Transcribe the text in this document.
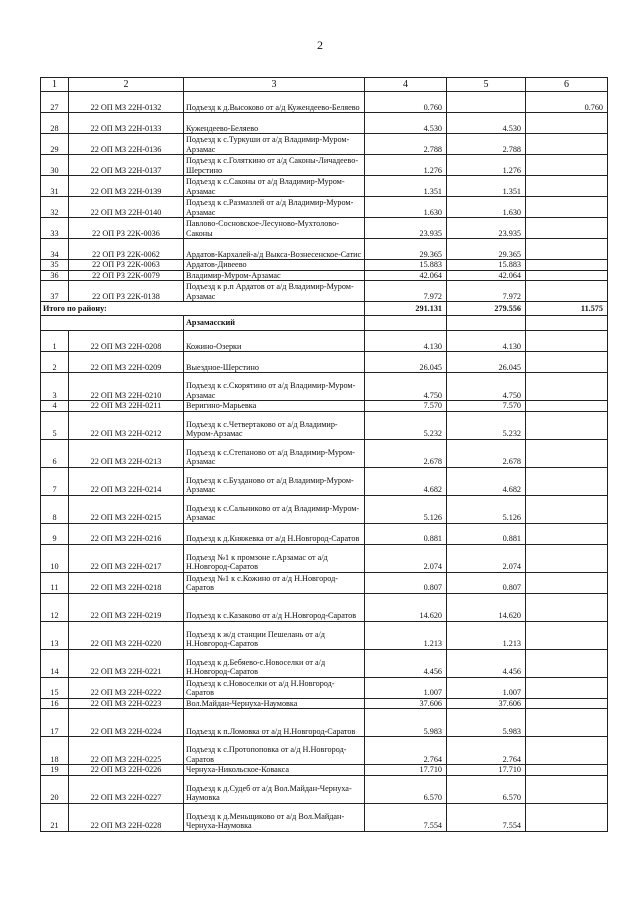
2
1	2	3	4	5	6
27	22 ОП МЗ 22Н-0132	Подъезд к д.Высоково от а/д Кужендеево-Беляево	0.760		0.760
28	22 ОП МЗ 22Н-0133	Кужендеево-Беляево	4.530	4.530	
29	22 ОП МЗ 22Н-0136	Подъезд к с.Туркуши от а/д Владимир-Муром-Арзамас	2.788	2.788	
30	22 ОП МЗ 22Н-0137	Подъезд к с.Голяткино от а/д Саконы-Личадеево-Шерстино	1.276	1.276	
31	22 ОП МЗ 22Н-0139	Подъезд к с.Саконы от а/д Владимир-Муром-Арзамас	1.351	1.351	
32	22 ОП МЗ 22Н-0140	Подъезд к с.Размазлей от а/д Владимир-Муром-Арзамас	1.630	1.630	
33	22 ОП РЗ 22К-0036	Павлово-Сосновское-Лесуново-Мухтолово-Саконы	23.935	23.935	
34	22 ОП РЗ 22К-0062	Ардатов-Кархалей-а/д Выкса-Вознесенское-Сатис	29.365	29.365	
35	22 ОП РЗ 22К-0063	Ардатов-Дивеево	15.883	15.883	
36	22 ОП РЗ 22К-0079	Владимир-Муром-Арзамас	42.064	42.064	
37	22 ОП РЗ 22К-0138	Подъезд к р.п Ардатов от а/д Владимир-Муром-Арзамас	7.972	7.972	
Итого по району:			291.131	279.556	11.575
		Арзамасский			
1	22 ОП МЗ 22Н-0208	Кожино-Озерки	4.130	4.130	
2	22 ОП МЗ 22Н-0209	Выездное-Шерстино	26.045	26.045	
3	22 ОП МЗ 22Н-0210	Подъезд к с.Скорятино от а/д Владимир-Муром-Арзамас	4.750	4.750	
4	22 ОП МЗ 22Н-0211	Веригино-Марьевка	7.570	7.570	
5	22 ОП МЗ 22Н-0212	Подъезд к с.Четвертаково от а/д Владимир-Муром-Арзамас	5.232	5.232	
6	22 ОП МЗ 22Н-0213	Подъезд к с.Степаново от а/д Владимир-Муром-Арзамас	2.678	2.678	
7	22 ОП МЗ 22Н-0214	Подъезд к с.Бузданово от а/д Владимир-Муром-Арзамас	4.682	4.682	
8	22 ОП МЗ 22Н-0215	Подъезд к с.Сальниково от а/д Владимир-Муром-Арзамас	5.126	5.126	
9	22 ОП МЗ 22Н-0216	Подъезд к д.Княжевка от а/д Н.Новгород-Саратов	0.881	0.881	
10	22 ОП МЗ 22Н-0217	Подъезд №1 к промзоне г.Арзамас от а/д Н.Новгород-Саратов	2.074	2.074	
11	22 ОП МЗ 22Н-0218	Подъезд №1 к с.Кожино от а/д Н.Новгород-Саратов	0.807	0.807	
12	22 ОП МЗ 22Н-0219	Подъезд к с.Казаково от а/д Н.Новгород-Саратов	14.620	14.620	
13	22 ОП МЗ 22Н-0220	Подъезд к ж/д станции Пешелань от а/д Н.Новгород-Саратов	1.213	1.213	
14	22 ОП МЗ 22Н-0221	Подъезд к д.Бебяево-с.Новоселки от а/д Н.Новгород-Саратов	4.456	4.456	
15	22 ОП МЗ 22Н-0222	Подъезд к с.Новоселки от а/д Н.Новгород-Саратов	1.007	1.007	
16	22 ОП МЗ 22Н-0223	Вол.Майдан-Чернуха-Наумовка	37.606	37.606	
17	22 ОП МЗ 22Н-0224	Подъезд к п.Ломовка от а/д Н.Новгород-Саратов	5.983	5.983	
18	22 ОП МЗ 22Н-0225	Подъезд к с.Протопоповка от а/д Н.Новгород-Саратов	2.764	2.764	
19	22 ОП МЗ 22Н-0226	Чернуха-Никольское-Ковакса	17.710	17.710	
20	22 ОП МЗ 22Н-0227	Подъезд к д.Судеб от а/д Вол.Майдан-Чернуха-Наумовка	6.570	6.570	
21	22 ОП МЗ 22Н-0228	Подъезд к д.Меньщиково от а/д Вол.Майдан-Чернуха-Наумовка	7.554	7.554	
